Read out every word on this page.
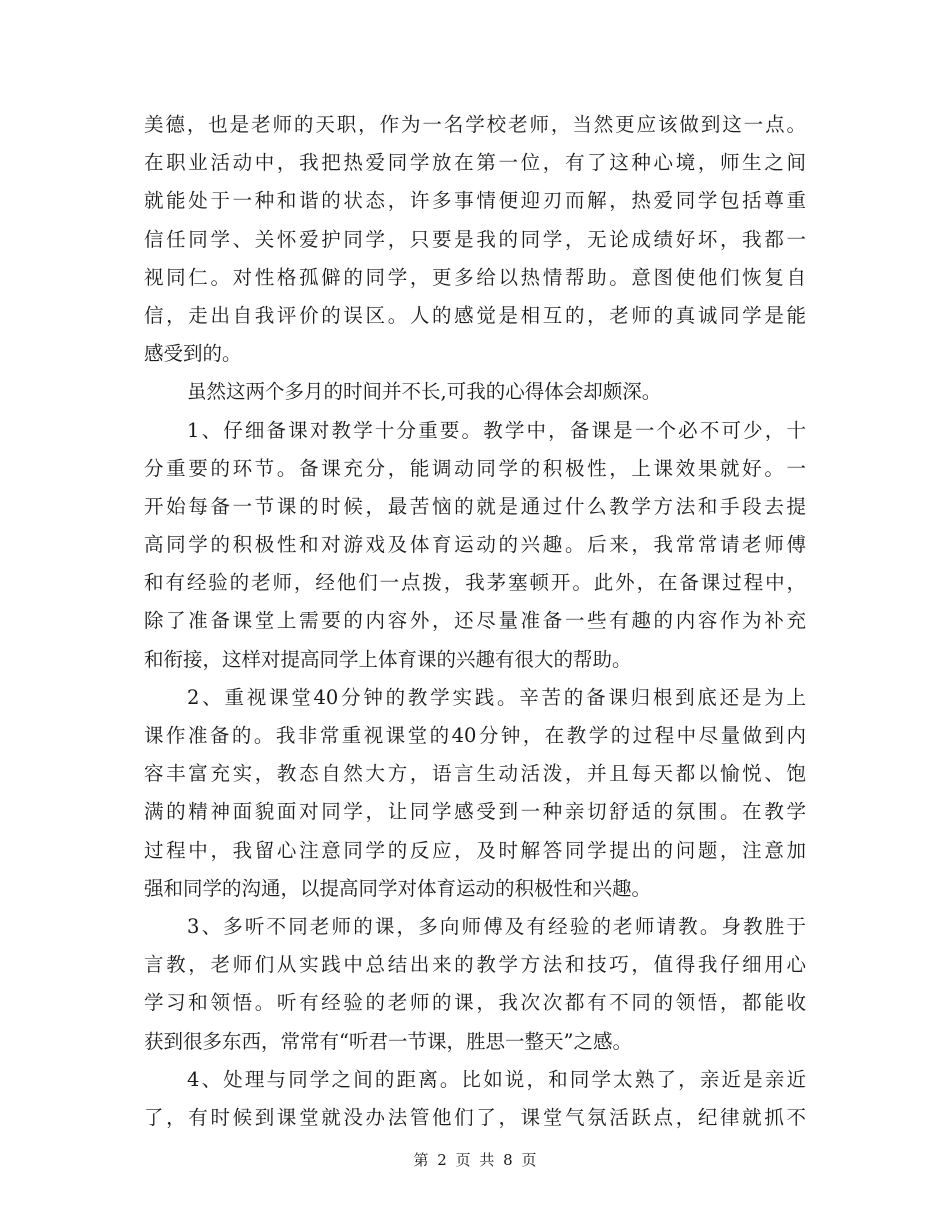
美德，也是老师的天职，作为一名学校老师，当然更应该做到这一点。
在职业活动中，我把热爱同学放在第一位，有了这种心境，师生之间
就能处于一种和谐的状态，许多事情便迎刃而解，热爱同学包括尊重
信任同学、关怀爱护同学，只要是我的同学，无论成绩好坏，我都一
视同仁。对性格孤僻的同学，更多给以热情帮助。意图使他们恢复自
信，走出自我评价的误区。人的感觉是相互的，老师的真诚同学是能
感受到的。
虽然这两个多月的时间并不长,可我的心得体会却颇深。
1、仔细备课对教学十分重要。教学中，备课是一个必不可少，十
分重要的环节。备课充分，能调动同学的积极性，上课效果就好。一
开始每备一节课的时候，最苦恼的就是通过什么教学方法和手段去提
高同学的积极性和对游戏及体育运动的兴趣。后来，我常常请老师傅
和有经验的老师，经他们一点拨，我茅塞顿开。此外，在备课过程中，
除了准备课堂上需要的内容外，还尽量准备一些有趣的内容作为补充
和衔接，这样对提高同学上体育课的兴趣有很大的帮助。
2、重视课堂40分钟的教学实践。辛苦的备课归根到底还是为上
课作准备的。我非常重视课堂的40分钟，在教学的过程中尽量做到内
容丰富充实，教态自然大方，语言生动活泼，并且每天都以愉悦、饱
满的精神面貌面对同学，让同学感受到一种亲切舒适的氛围。在教学
过程中，我留心注意同学的反应，及时解答同学提出的问题，注意加
强和同学的沟通，以提高同学对体育运动的积极性和兴趣。
3、多听不同老师的课，多向师傅及有经验的老师请教。身教胜于
言教，老师们从实践中总结出来的教学方法和技巧，值得我仔细用心
学习和领悟。听有经验的老师的课，我次次都有不同的领悟，都能收
获到很多东西，常常有“听君一节课，胜思一整天”之感。
4、处理与同学之间的距离。比如说，和同学太熟了，亲近是亲近
了，有时候到课堂就没办法管他们了，课堂气氛活跃点，纪律就抓不
第 2 页 共 8 页
